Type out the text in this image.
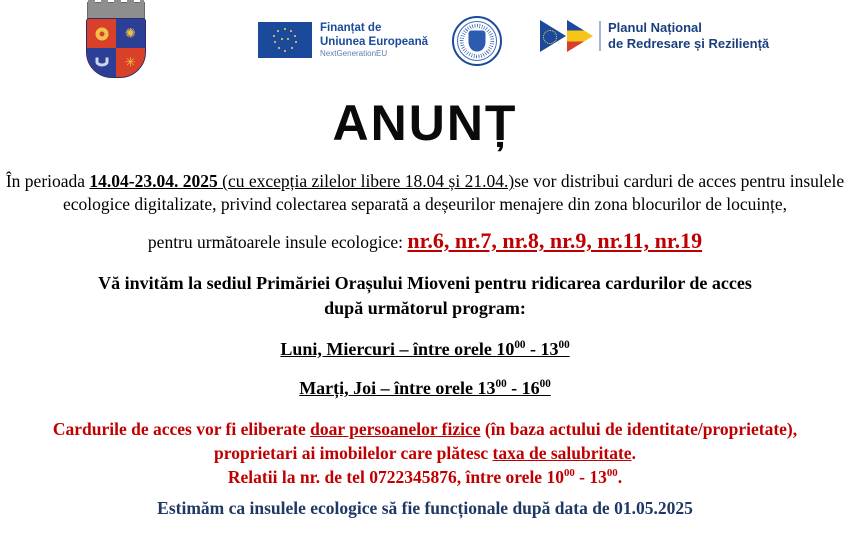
✺
✳
Finanțat de
Uniunea Europeană
NextGenerationEU
Planul Național
de Redresare și Reziliență
ANUNȚ
În perioada 14.04-23.04. 2025 (cu excepția zilelor libere 18.04 și 21.04.)se vor distribui carduri de acces pentru insulele ecologice digitalizate, privind colectarea separată a deșeurilor menajere din zona blocurilor de locuințe,
pentru următoarele insule ecologice: nr.6, nr.7, nr.8, nr.9, nr.11, nr.19
Vă invităm la sediul Primăriei Orașului Mioveni pentru ridicarea cardurilor de acces
după următorul program:
Luni, Miercuri – între orele $10^{00} - 13^{00}$
Marți, Joi – între orele $13^{00} - 16^{00}$
Cardurile de acces vor fi eliberate doar persoanelor fizice (în baza actului de identitate/proprietate), proprietari ai imobilelor care plătesc taxa de salubritate.
Relatii la nr. de tel 0722345876, între orele $10^{00} - 13^{00}$.
Estimăm ca insulele ecologice să fie funcționale după data de 01.05.2025
